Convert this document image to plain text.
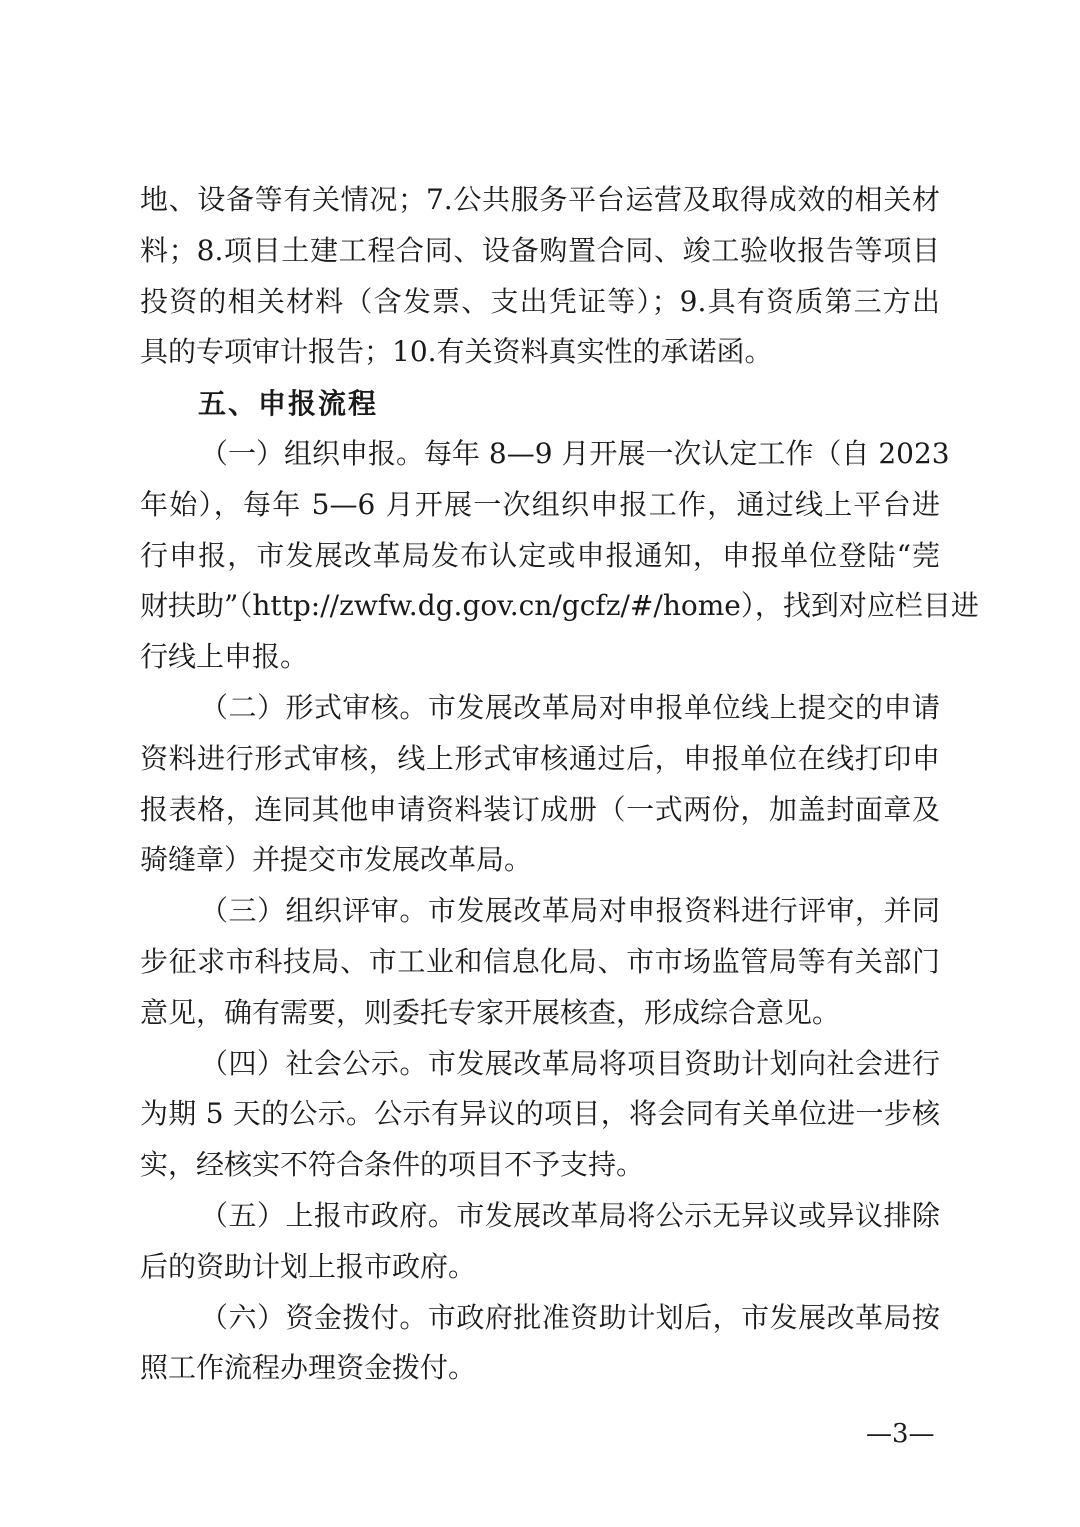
地、设备等有关情况；7.公共服务平台运营及取得成效的相关材
料；8.项目土建工程合同、设备购置合同、竣工验收报告等项目
投资的相关材料（含发票、支出凭证等）；9.具有资质第三方出
具的专项审计报告；10.有关资料真实性的承诺函。
（一）组织申报。每年 8—9 月开展一次认定工作（自 2023
年始），每年 5—6 月开展一次组织申报工作，通过线上平台进
行申报，市发展改革局发布认定或申报通知，申报单位登陆“莞
财扶助”（http://zwfw.dg.gov.cn/gcfz/#/home），找到对应栏目进
行线上申报。
（二）形式审核。市发展改革局对申报单位线上提交的申请
资料进行形式审核，线上形式审核通过后，申报单位在线打印申
报表格，连同其他申请资料装订成册（一式两份，加盖封面章及
骑缝章）并提交市发展改革局。
（三）组织评审。市发展改革局对申报资料进行评审，并同
步征求市科技局、市工业和信息化局、市市场监管局等有关部门
意见，确有需要，则委托专家开展核查，形成综合意见。
（四）社会公示。市发展改革局将项目资助计划向社会进行
为期 5 天的公示。公示有异议的项目，将会同有关单位进一步核
实，经核实不符合条件的项目不予支持。
（五）上报市政府。市发展改革局将公示无异议或异议排除
后的资助计划上报市政府。
（六）资金拨付。市政府批准资助计划后，市发展改革局按
照工作流程办理资金拨付。
五、申报流程
—3—
